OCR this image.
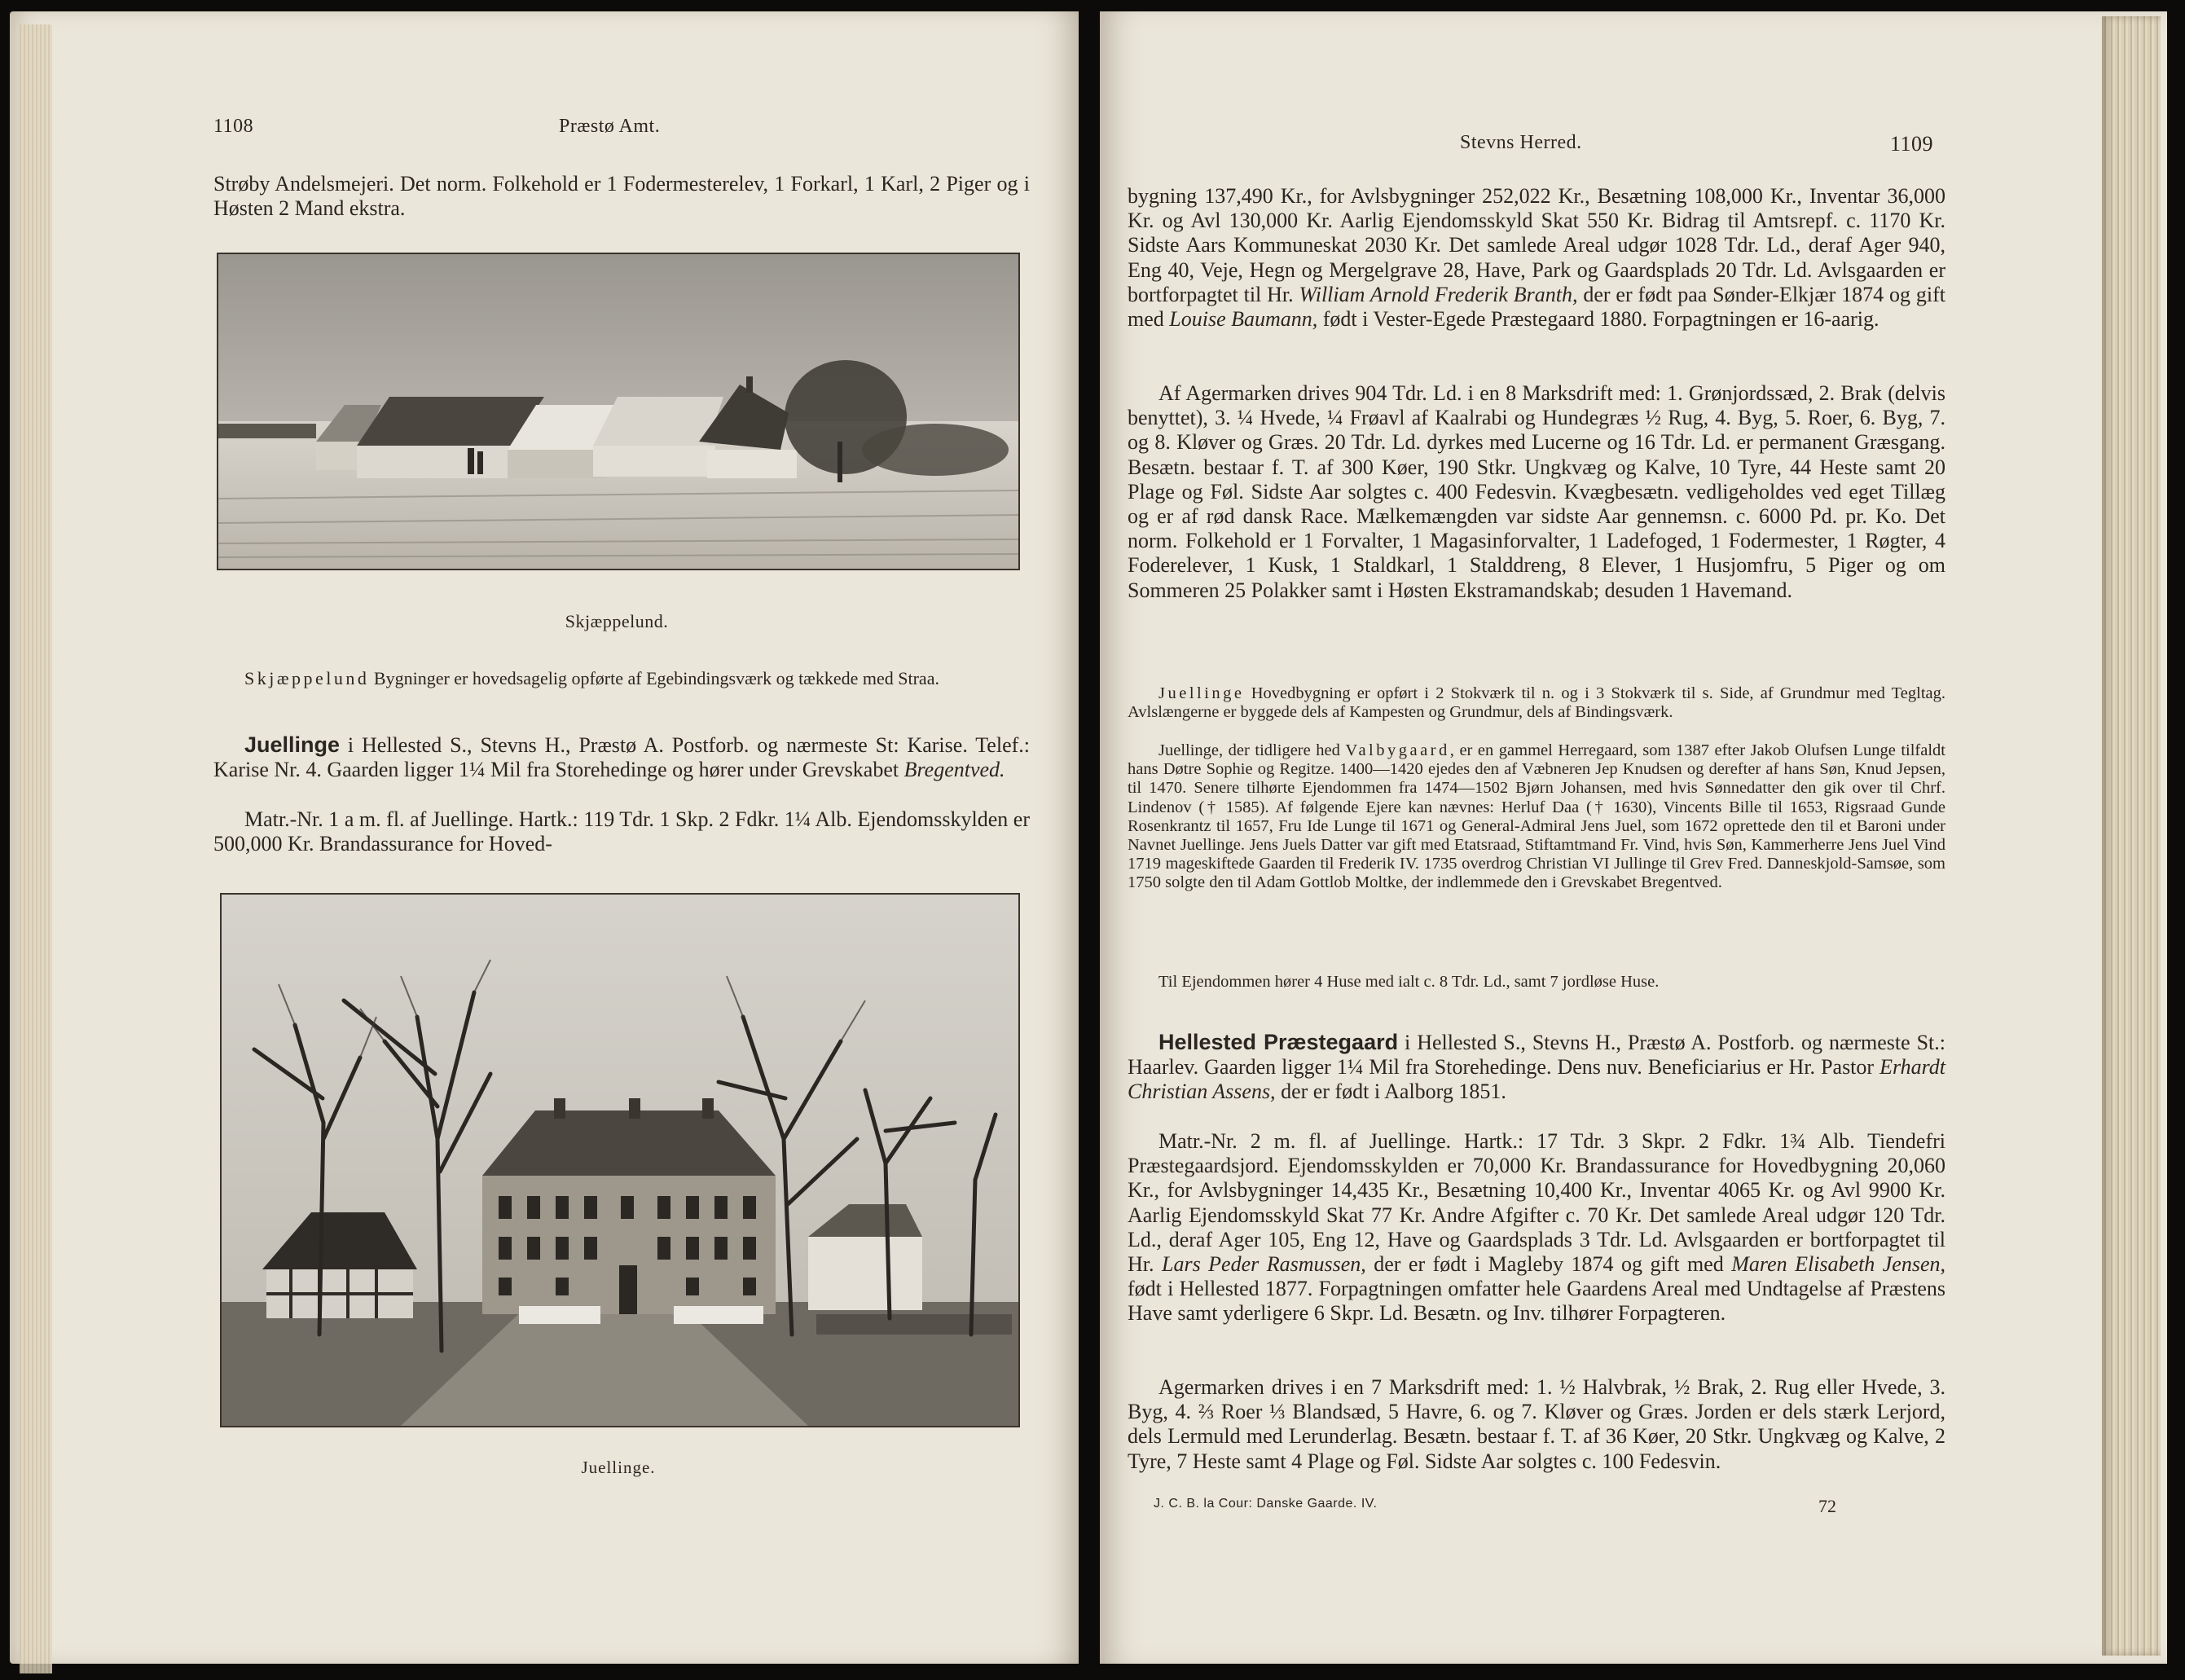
1108	Præstø Amt.

Strøby Andelsmejeri. Det norm. Folkehold er 1 Fodermesterelev, 1 Forkarl, 1 Karl, 2 Piger og i Høsten 2 Mand ekstra.

Skjæppelund.

Skjæppelund Bygninger er hovedsagelig opførte af Egebindingsværk og tækkede med Straa.

Juellinge i Hellested S., Stevns H., Præstø A. Postforb. og nærmeste St: Karise. Telef.: Karise Nr. 4. Gaarden ligger 1¼ Mil fra Storehedinge og hører under Grevskabet Bregentved.

Matr.-Nr. 1 a m. fl. af Juellinge. Hartk.: 119 Tdr. 1 Skp. 2 Fdkr. 1¼ Alb. Ejendomsskylden er 500,000 Kr. Brandassurance for Hoved-

Juellinge.
Stevns Herred.	1109

bygning 137,490 Kr., for Avlsbygninger 252,022 Kr., Besætning 108,000 Kr., Inventar 36,000 Kr. og Avl 130,000 Kr. Aarlig Ejendomsskyld Skat 550 Kr. Bidrag til Amtsrepf. c. 1170 Kr. Sidste Aars Kommuneskat 2030 Kr. Det samlede Areal udgør 1028 Tdr. Ld., deraf Ager 940, Eng 40, Veje, Hegn og Mergelgrave 28, Have, Park og Gaardsplads 20 Tdr. Ld. Avlsgaarden er bortforpagtet til Hr. William Arnold Frederik Branth, der er født paa Sønder-Elkjær 1874 og gift med Louise Baumann, født i Vester-Egede Præstegaard 1880. Forpagtningen er 16-aarig.

Af Agermarken drives 904 Tdr. Ld. i en 8 Marksdrift med: 1. Grønjordssæd, 2. Brak (delvis benyttet), 3. ¼ Hvede, ¼ Frøavl af Kaalrabi og Hundegræs ½ Rug, 4. Byg, 5. Roer, 6. Byg, 7. og 8. Kløver og Græs. 20 Tdr. Ld. dyrkes med Lucerne og 16 Tdr. Ld. er permanent Græsgang. Besætn. bestaar f. T. af 300 Køer, 190 Stkr. Ungkvæg og Kalve, 10 Tyre, 44 Heste samt 20 Plage og Føl. Sidste Aar solgtes c. 400 Fedesvin. Kvægbesætn. vedligeholdes ved eget Tillæg og er af rød dansk Race. Mælkemængden var sidste Aar gennemsn. c. 6000 Pd. pr. Ko. Det norm. Folkehold er 1 Forvalter, 1 Magasinforvalter, 1 Ladefoged, 1 Fodermester, 1 Røgter, 4 Foderelever, 1 Kusk, 1 Staldkarl, 1 Stalddreng, 8 Elever, 1 Husjomfru, 5 Piger og om Sommeren 25 Polakker samt i Høsten Ekstramandskab; desuden 1 Havemand.

Juellinge Hovedbygning er opført i 2 Stokværk til n. og i 3 Stokværk til s. Side, af Grundmur med Tegltag. Avlslængerne er byggede dels af Kampesten og Grundmur, dels af Bindingsværk.

Juellinge, der tidligere hed Valbygaard, er en gammel Herregaard, som 1387 efter Jakob Olufsen Lunge tilfaldt hans Døtre Sophie og Regitze. 1400—1420 ejedes den af Væbneren Jep Knudsen og derefter af hans Søn, Knud Jepsen, til 1470. Senere tilhørte Ejendommen fra 1474—1502 Bjørn Johansen, med hvis Sønnedatter den gik over til Chrf. Lindenov († 1585). Af følgende Ejere kan nævnes: Herluf Daa († 1630), Vincents Bille til 1653, Rigsraad Gunde Rosenkrantz til 1657, Fru Ide Lunge til 1671 og General-Admiral Jens Juel, som 1672 oprettede den til et Baroni under Navnet Juellinge. Jens Juels Datter var gift med Etatsraad, Stiftamtmand Fr. Vind, hvis Søn, Kammerherre Jens Juel Vind 1719 mageskiftede Gaarden til Frederik IV. 1735 overdrog Christian VI Jullinge til Grev Fred. Danneskjold-Samsøe, som 1750 solgte den til Adam Gottlob Moltke, der indlemmede den i Grevskabet Bregentved.

Til Ejendommen hører 4 Huse med ialt c. 8 Tdr. Ld., samt 7 jordløse Huse.

Hellested Præstegaard i Hellested S., Stevns H., Præstø A. Postforb. og nærmeste St.: Haarlev. Gaarden ligger 1¼ Mil fra Storehedinge. Dens nuv. Beneficiarius er Hr. Pastor Erhardt Christian Assens, der er født i Aalborg 1851.

Matr.-Nr. 2 m. fl. af Juellinge. Hartk.: 17 Tdr. 3 Skpr. 2 Fdkr. 1¾ Alb. Tiendefri Præstegaardsjord. Ejendomsskylden er 70,000 Kr. Brandassurance for Hovedbygning 20,060 Kr., for Avlsbygninger 14,435 Kr., Besætning 10,400 Kr., Inventar 4065 Kr. og Avl 9900 Kr. Aarlig Ejendomsskyld Skat 77 Kr. Andre Afgifter c. 70 Kr. Det samlede Areal udgør 120 Tdr. Ld., deraf Ager 105, Eng 12, Have og Gaardsplads 3 Tdr. Ld. Avlsgaarden er bortforpagtet til Hr. Lars Peder Rasmussen, der er født i Magleby 1874 og gift med Maren Elisabeth Jensen, født i Hellested 1877. Forpagtningen omfatter hele Gaardens Areal med Undtagelse af Præstens Have samt yderligere 6 Skpr. Ld. Besætn. og Inv. tilhører Forpagteren.

Agermarken drives i en 7 Marksdrift med: 1. ½ Halvbrak, ½ Brak, 2. Rug eller Hvede, 3. Byg, 4. ⅔ Roer ⅓ Blandsæd, 5 Havre, 6. og 7. Kløver og Græs. Jorden er dels stærk Lerjord, dels Lermuld med Lerunderlag. Besætn. bestaar f. T. af 36 Køer, 20 Stkr. Ungkvæg og Kalve, 2 Tyre, 7 Heste samt 4 Plage og Føl. Sidste Aar solgtes c. 100 Fedesvin.

J. C. B. la Cour: Danske Gaarde. IV.	72
